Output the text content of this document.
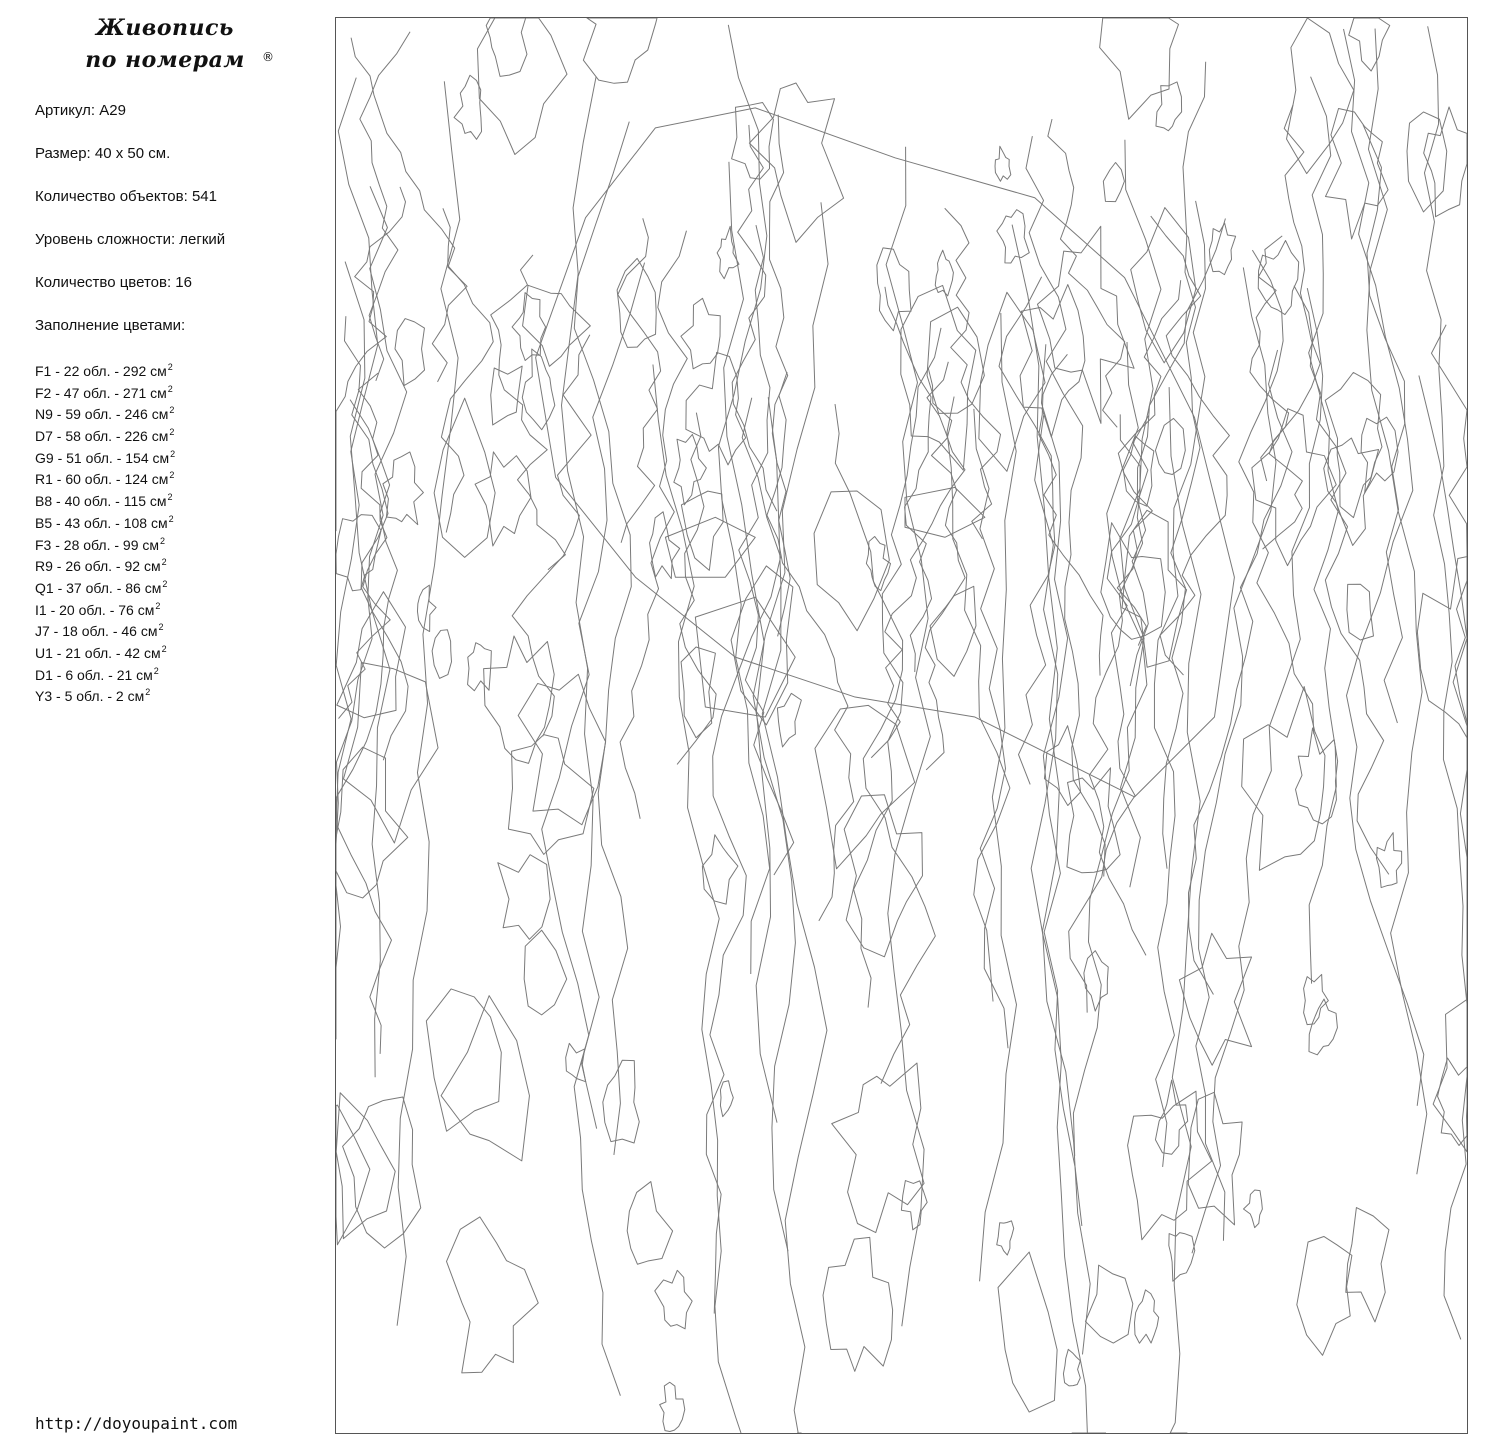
Живопись
по номерам	®
Артикул: A29
Размер: 40 x 50 см.
Количество объектов: 541
Уровень сложности: легкий
Количество цветов: 16
Заполнение цветами:
F1 - 22 обл. - 292 $см^2$
F2 - 47 обл. - 271 $см^2$
N9 - 59 обл. - 246 $см^2$
D7 - 58 обл. - 226 $см^2$
G9 - 51 обл. - 154 $см^2$
R1 - 60 обл. - 124 $см^2$
B8 - 40 обл. - 115 $см^2$
B5 - 43 обл. - 108 $см^2$
F3 - 28 обл. - 99 $см^2$
R9 - 26 обл. - 92 $см^2$
Q1 - 37 обл. - 86 $см^2$
I1 - 20 обл. - 76 $см^2$
J7 - 18 обл. - 46 $см^2$
U1 - 21 обл. - 42 $см^2$
D1 - 6 обл. - 21 $см^2$
Y3 - 5 обл. - 2 $см^2$
http://doyoupaint.com
